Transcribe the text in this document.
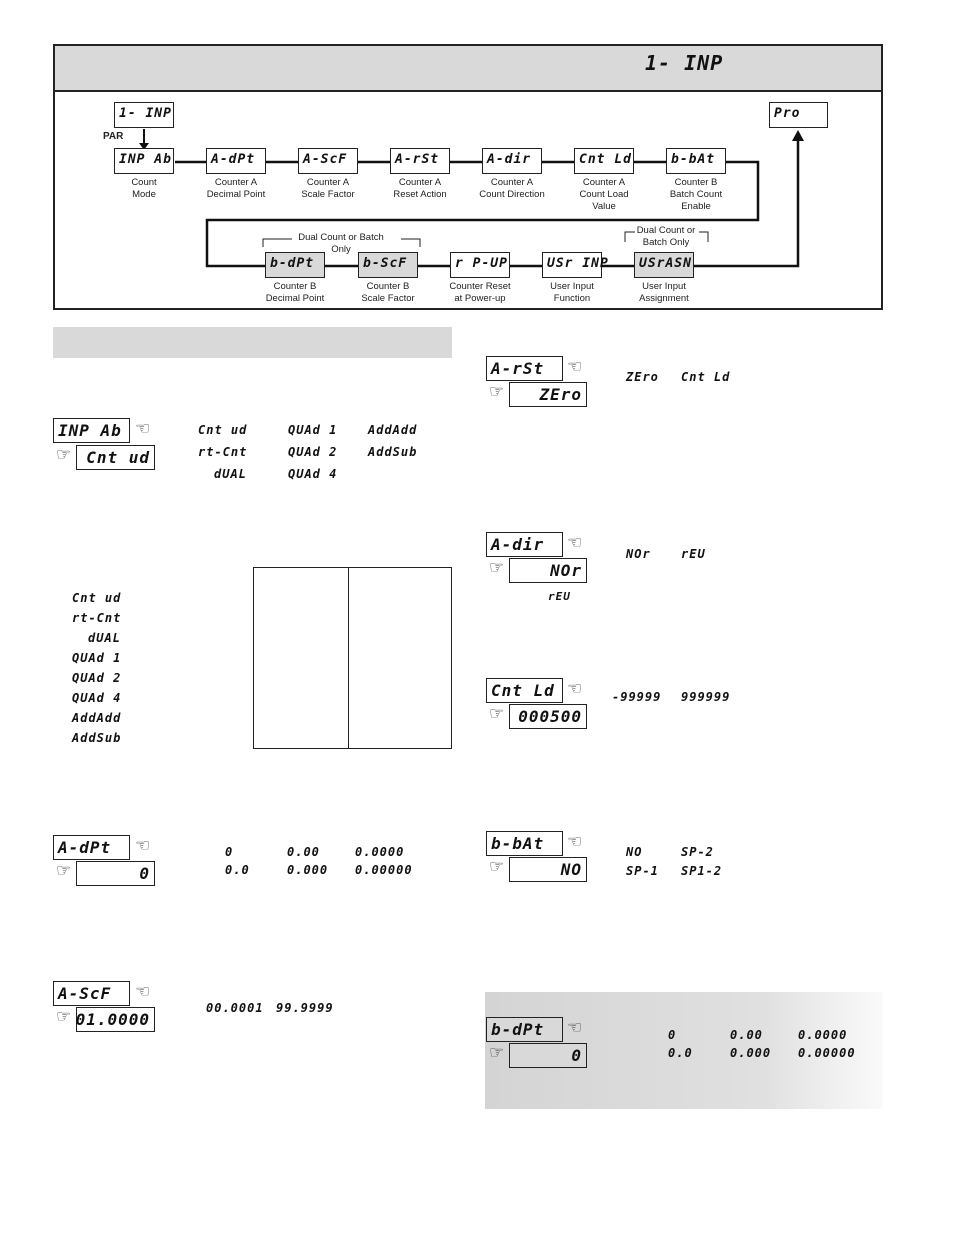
1- INP
1- INP
PAR
Pro
INP Ab	A-dPt	A-ScF	A-rSt	A-dir	Cnt Ld	b-bAt
Count
Mode
Counter A
Decimal Point
Counter A
Scale Factor
Counter A
Reset Action
Counter A
Count Direction
Counter A
Count Load
Value
Counter B
Batch Count
Enable
Dual Count or Batch
Only
Dual Count or
Batch Only
b-dPt	b-ScF	r P-UP	USr INP USrASN
Counter B
Decimal Point
Counter B
Scale Factor
Counter Reset
at Power-up
User Input
Function
User Input
Assignment
INP Ab ☜
☞ Cnt ud
Cnt ud	QUAd 1	AddAdd
rt-Cnt	QUAd 2	AddSub
dUAL	QUAd 4
Cnt ud
rt-Cnt
dUAL
QUAd 1
QUAd 2
QUAd 4
AddAdd
AddSub
A-dPt ☜
☞	0
0	0.00	0.0000
0.0	0.000 0.00000
A-ScF ☜
☞ 01.0000
00.0001 99.9999
A-rSt ☜
☞ ZEro
ZEro Cnt Ld
A-dir ☜
☞	NOr
NOr	rEU
rEU
Cnt Ld ☜
☞ 000500
-99999 999999
b-bAt ☜
☞	NO
NO	SP-2
SP-1 SP1-2
b-dPt ☜
☞	0
0	0.00	0.0000
0.0	0.000 0.00000
